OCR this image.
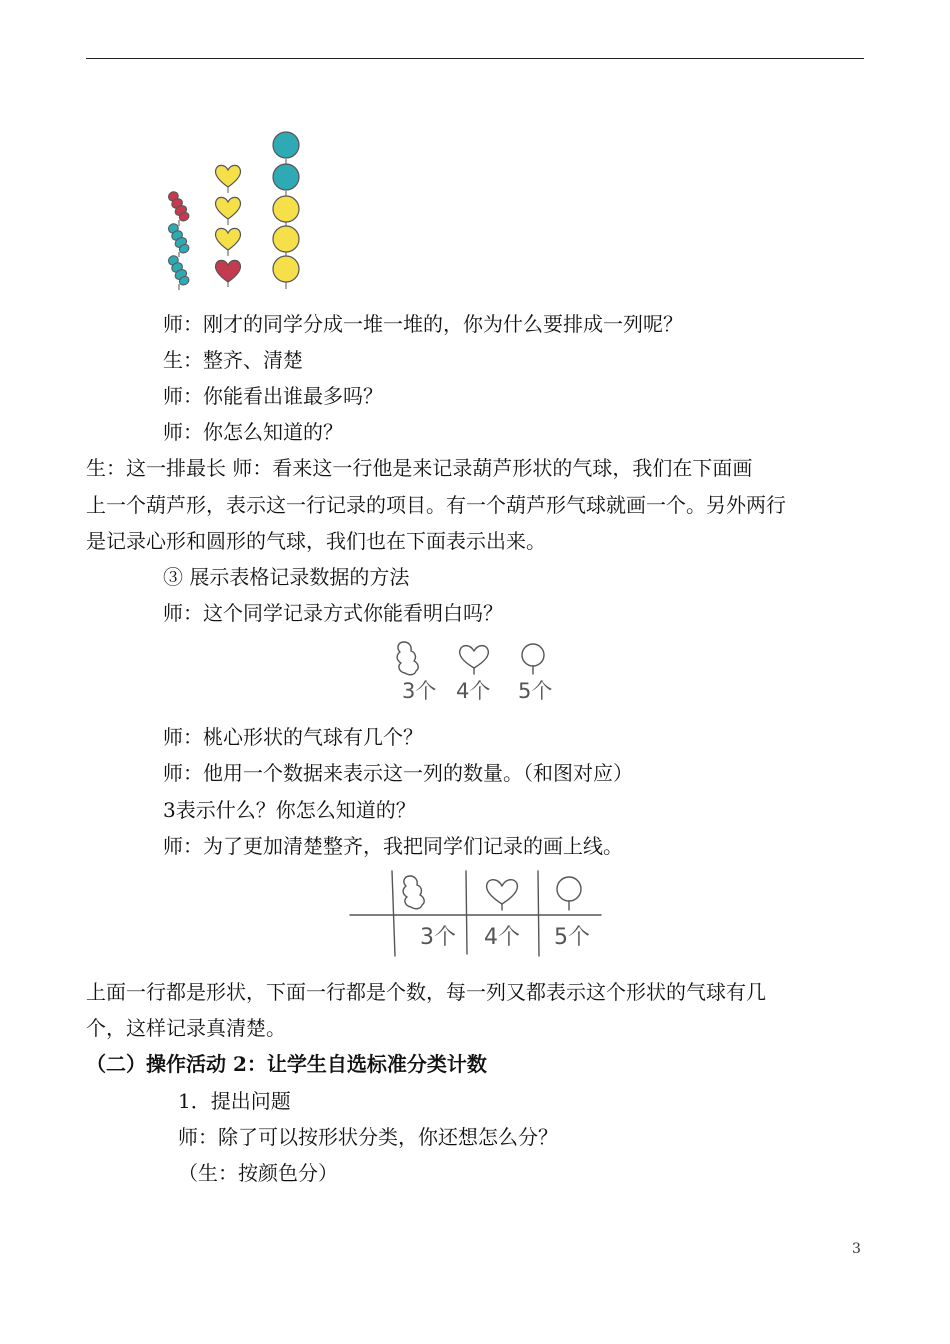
师：刚才的同学分成一堆一堆的，你为什么要排成一列呢？
生：整齐、清楚
师：你能看出谁最多吗？
师：你怎么知道的？
生：这一排最长 师：看来这一行他是来记录葫芦形状的气球，我们在下面画
上一个葫芦形，表示这一行记录的项目。有一个葫芦形气球就画一个。另外两行
是记录心形和圆形的气球，我们也在下面表示出来。
③ 展示表格记录数据的方法
师：这个同学记录方式你能看明白吗？
3个 4个 5个
师：桃心形状的气球有几个？
师：他用一个数据来表示这一列的数量。（和图对应）
3表示什么？你怎么知道的？
师：为了更加清楚整齐，我把同学们记录的画上线。
3个 4个 5个
上面一行都是形状，下面一行都是个数，每一列又都表示这个形状的气球有几
个，这样记录真清楚。
（二）操作活动 2：让学生自选标准分类计数
1．提出问题
师：除了可以按形状分类，你还想怎么分？
（生：按颜色分）
3
